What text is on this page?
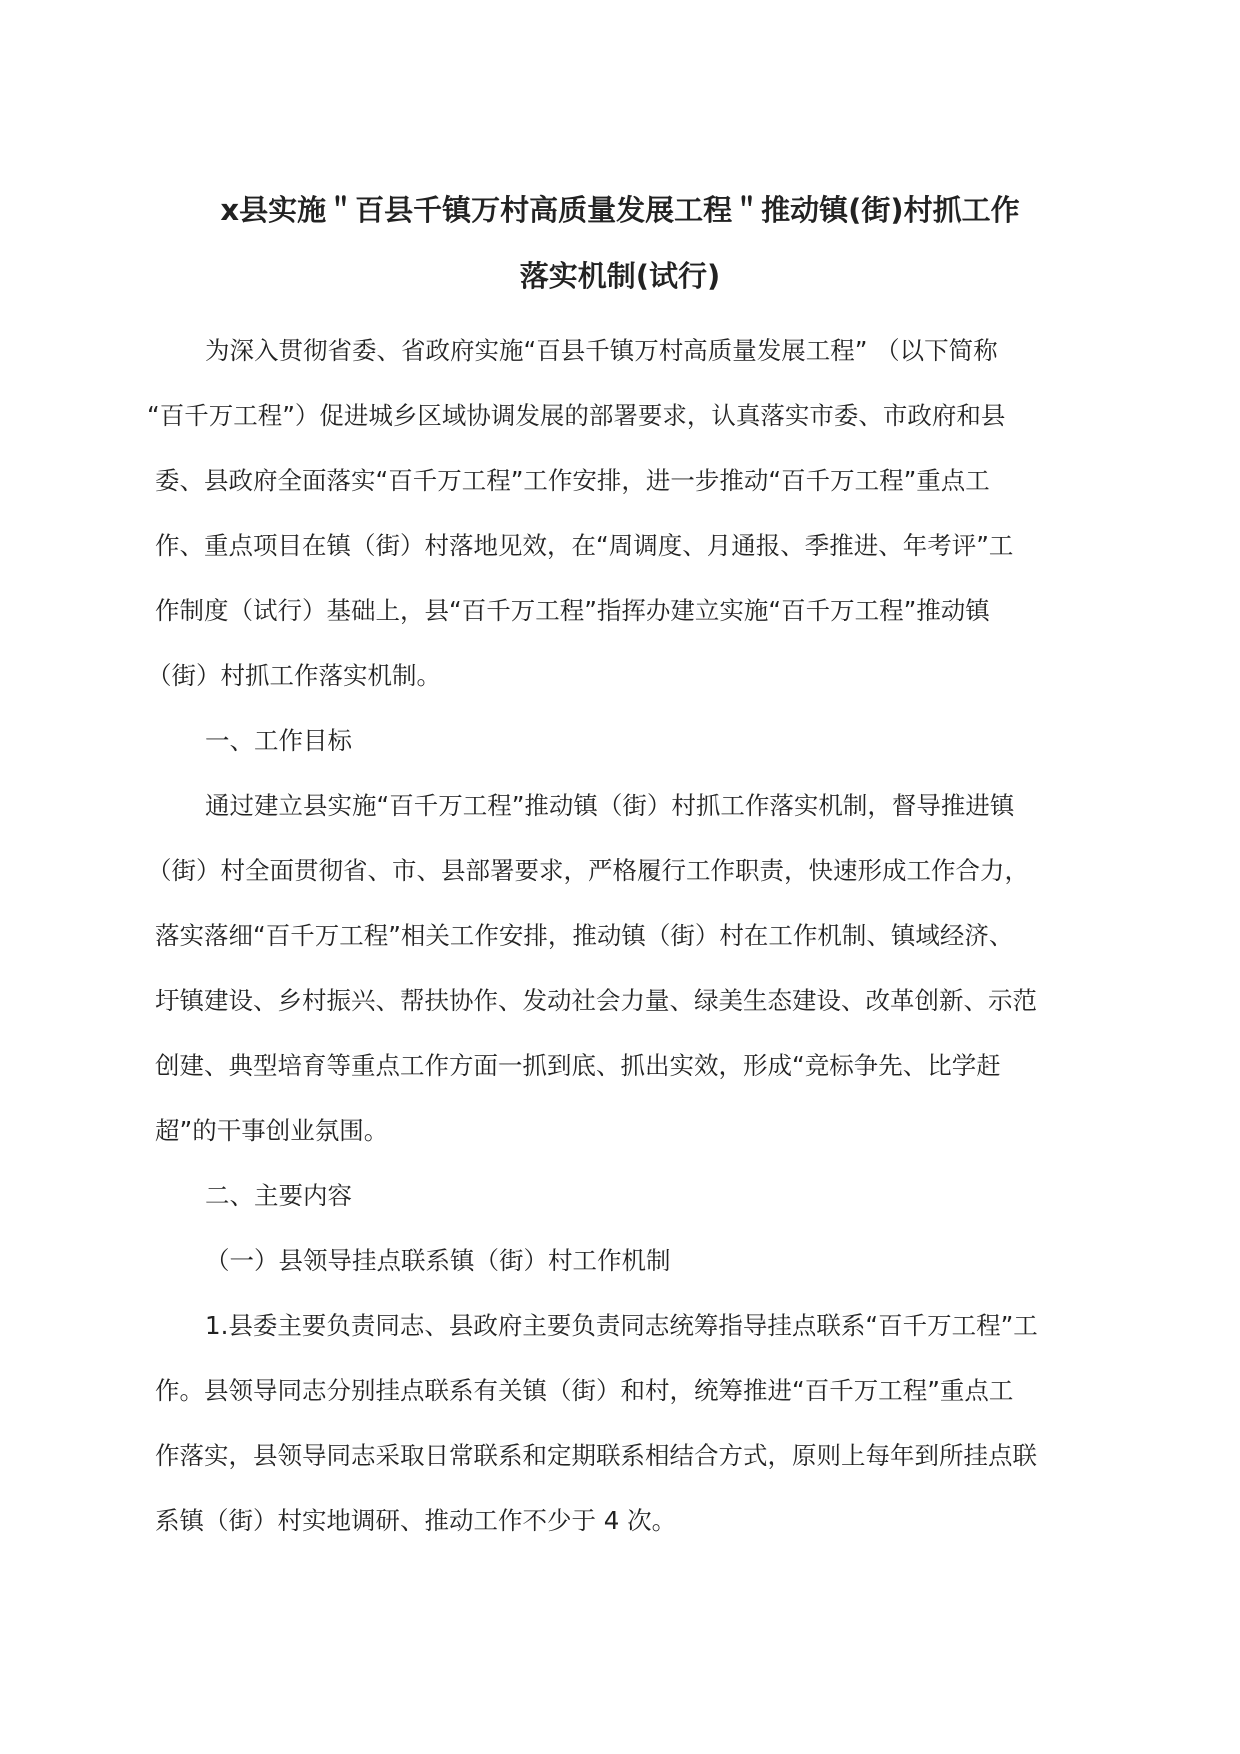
x县实施＂百县千镇万村高质量发展工程＂推动镇(街)村抓工作
落实机制(试行)
为深入贯彻省委、省政府实施“百县千镇万村高质量发展工程” （以下简称
“百千万工程”）促进城乡区域协调发展的部署要求，认真落实市委、市政府和县
委、县政府全面落实“百千万工程”工作安排，进一步推动“百千万工程”重点工
作、重点项目在镇（街）村落地见效，在“周调度、月通报、季推进、年考评”工
作制度（试行）基础上，县“百千万工程”指挥办建立实施“百千万工程”推动镇
（街）村抓工作落实机制。
一、工作目标
通过建立县实施“百千万工程”推动镇（街）村抓工作落实机制，督导推进镇
（街）村全面贯彻省、市、县部署要求，严格履行工作职责，快速形成工作合力，
落实落细“百千万工程”相关工作安排，推动镇（街）村在工作机制、镇域经济、
圩镇建设、乡村振兴、帮扶协作、发动社会力量、绿美生态建设、改革创新、示范
创建、典型培育等重点工作方面一抓到底、抓出实效，形成“竞标争先、比学赶
超”的干事创业氛围。
二、主要内容
（一）县领导挂点联系镇（街）村工作机制
1.县委主要负责同志、县政府主要负责同志统筹指导挂点联系“百千万工程”工
作。县领导同志分别挂点联系有关镇（街）和村，统筹推进“百千万工程”重点工
作落实，县领导同志采取日常联系和定期联系相结合方式，原则上每年到所挂点联
系镇（街）村实地调研、推动工作不少于 4 次。
